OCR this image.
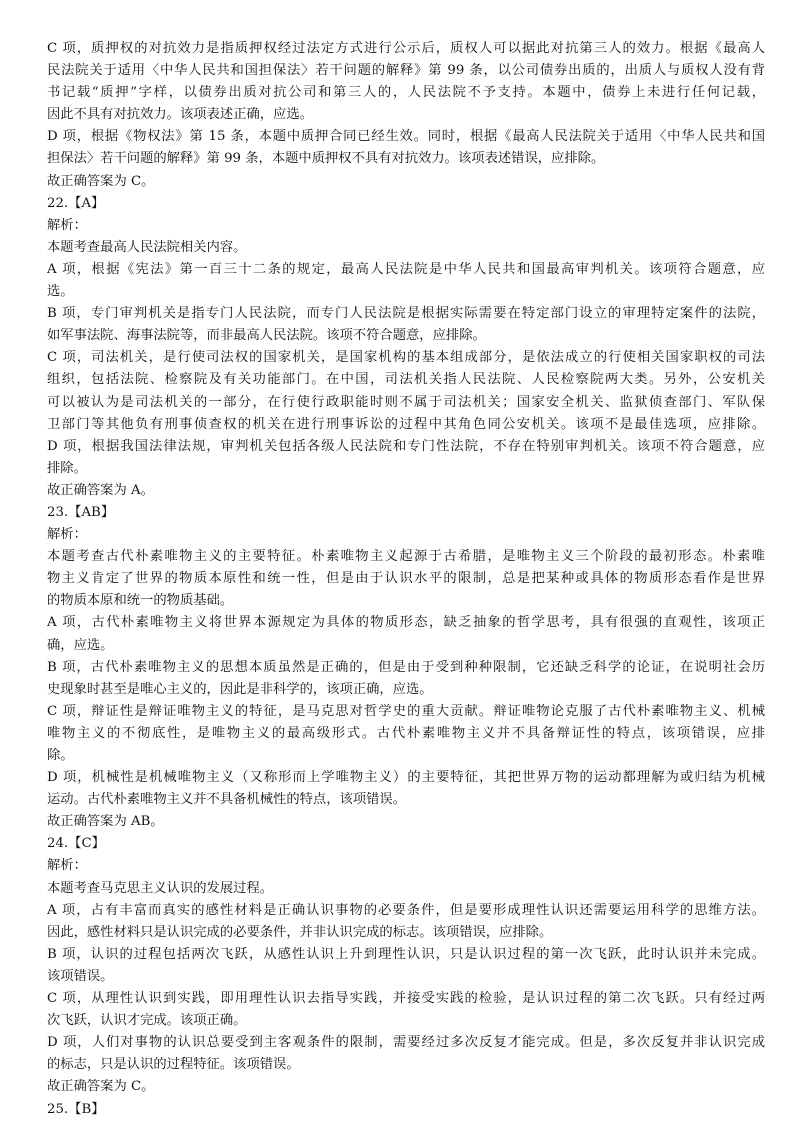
C 项，质押权的对抗效力是指质押权经过法定方式进行公示后，质权人可以据此对抗第三人的效力。根据《最高人
民法院关于适用〈中华人民共和国担保法〉若干问题的解释》第 99 条，以公司债券出质的，出质人与质权人没有背
书记载“质押”字样，以债券出质对抗公司和第三人的，人民法院不予支持。本题中，债券上未进行任何记载，
因此不具有对抗效力。该项表述正确，应选。
D 项，根据《物权法》第 15 条，本题中质押合同已经生效。同时，根据《最高人民法院关于适用〈中华人民共和国
担保法〉若干问题的解释》第 99 条，本题中质押权不具有对抗效力。该项表述错误，应排除。
故正确答案为 C。
22.【A】
解析：
本题考查最高人民法院相关内容。
A 项，根据《宪法》第一百三十二条的规定，最高人民法院是中华人民共和国最高审判机关。该项符合题意，应
选。
B 项，专门审判机关是指专门人民法院，而专门人民法院是根据实际需要在特定部门设立的审理特定案件的法院，
如军事法院、海事法院等，而非最高人民法院。该项不符合题意，应排除。
C 项，司法机关，是行使司法权的国家机关，是国家机构的基本组成部分，是依法成立的行使相关国家职权的司法
组织，包括法院、检察院及有关功能部门。在中国，司法机关指人民法院、人民检察院两大类。另外，公安机关
可以被认为是司法机关的一部分，在行使行政职能时则不属于司法机关；国家安全机关、监狱侦查部门、军队保
卫部门等其他负有刑事侦查权的机关在进行刑事诉讼的过程中其角色同公安机关。该项不是最佳选项，应排除。
D 项，根据我国法律法规，审判机关包括各级人民法院和专门性法院，不存在特别审判机关。该项不符合题意，应
排除。
故正确答案为 A。
23.【AB】
解析：
本题考查古代朴素唯物主义的主要特征。朴素唯物主义起源于古希腊，是唯物主义三个阶段的最初形态。朴素唯
物主义肯定了世界的物质本原性和统一性，但是由于认识水平的限制，总是把某种或具体的物质形态看作是世界
的物质本原和统一的物质基础。
A 项，古代朴素唯物主义将世界本源规定为具体的物质形态，缺乏抽象的哲学思考，具有很强的直观性，该项正
确，应选。
B 项，古代朴素唯物主义的思想本质虽然是正确的，但是由于受到种种限制，它还缺乏科学的论证，在说明社会历
史现象时甚至是唯心主义的，因此是非科学的，该项正确，应选。
C 项，辩证性是辩证唯物主义的特征，是马克思对哲学史的重大贡献。辩证唯物论克服了古代朴素唯物主义、机械
唯物主义的不彻底性，是唯物主义的最高级形式。古代朴素唯物主义并不具备辩证性的特点，该项错误，应排
除。
D 项，机械性是机械唯物主义（又称形而上学唯物主义）的主要特征，其把世界万物的运动都理解为或归结为机械
运动。古代朴素唯物主义并不具备机械性的特点，该项错误。
故正确答案为 AB。
24.【C】
解析：
本题考查马克思主义认识的发展过程。
A 项，占有丰富而真实的感性材料是正确认识事物的必要条件，但是要形成理性认识还需要运用科学的思维方法。
因此，感性材料只是认识完成的必要条件，并非认识完成的标志。该项错误，应排除。
B 项，认识的过程包括两次飞跃，从感性认识上升到理性认识，只是认识过程的第一次飞跃，此时认识并未完成。
该项错误。
C 项，从理性认识到实践，即用理性认识去指导实践，并接受实践的检验，是认识过程的第二次飞跃。只有经过两
次飞跃，认识才完成。该项正确。
D 项，人们对事物的认识总要受到主客观条件的限制，需要经过多次反复才能完成。但是，多次反复并非认识完成
的标志，只是认识的过程特征。该项错误。
故正确答案为 C。
25.【B】
